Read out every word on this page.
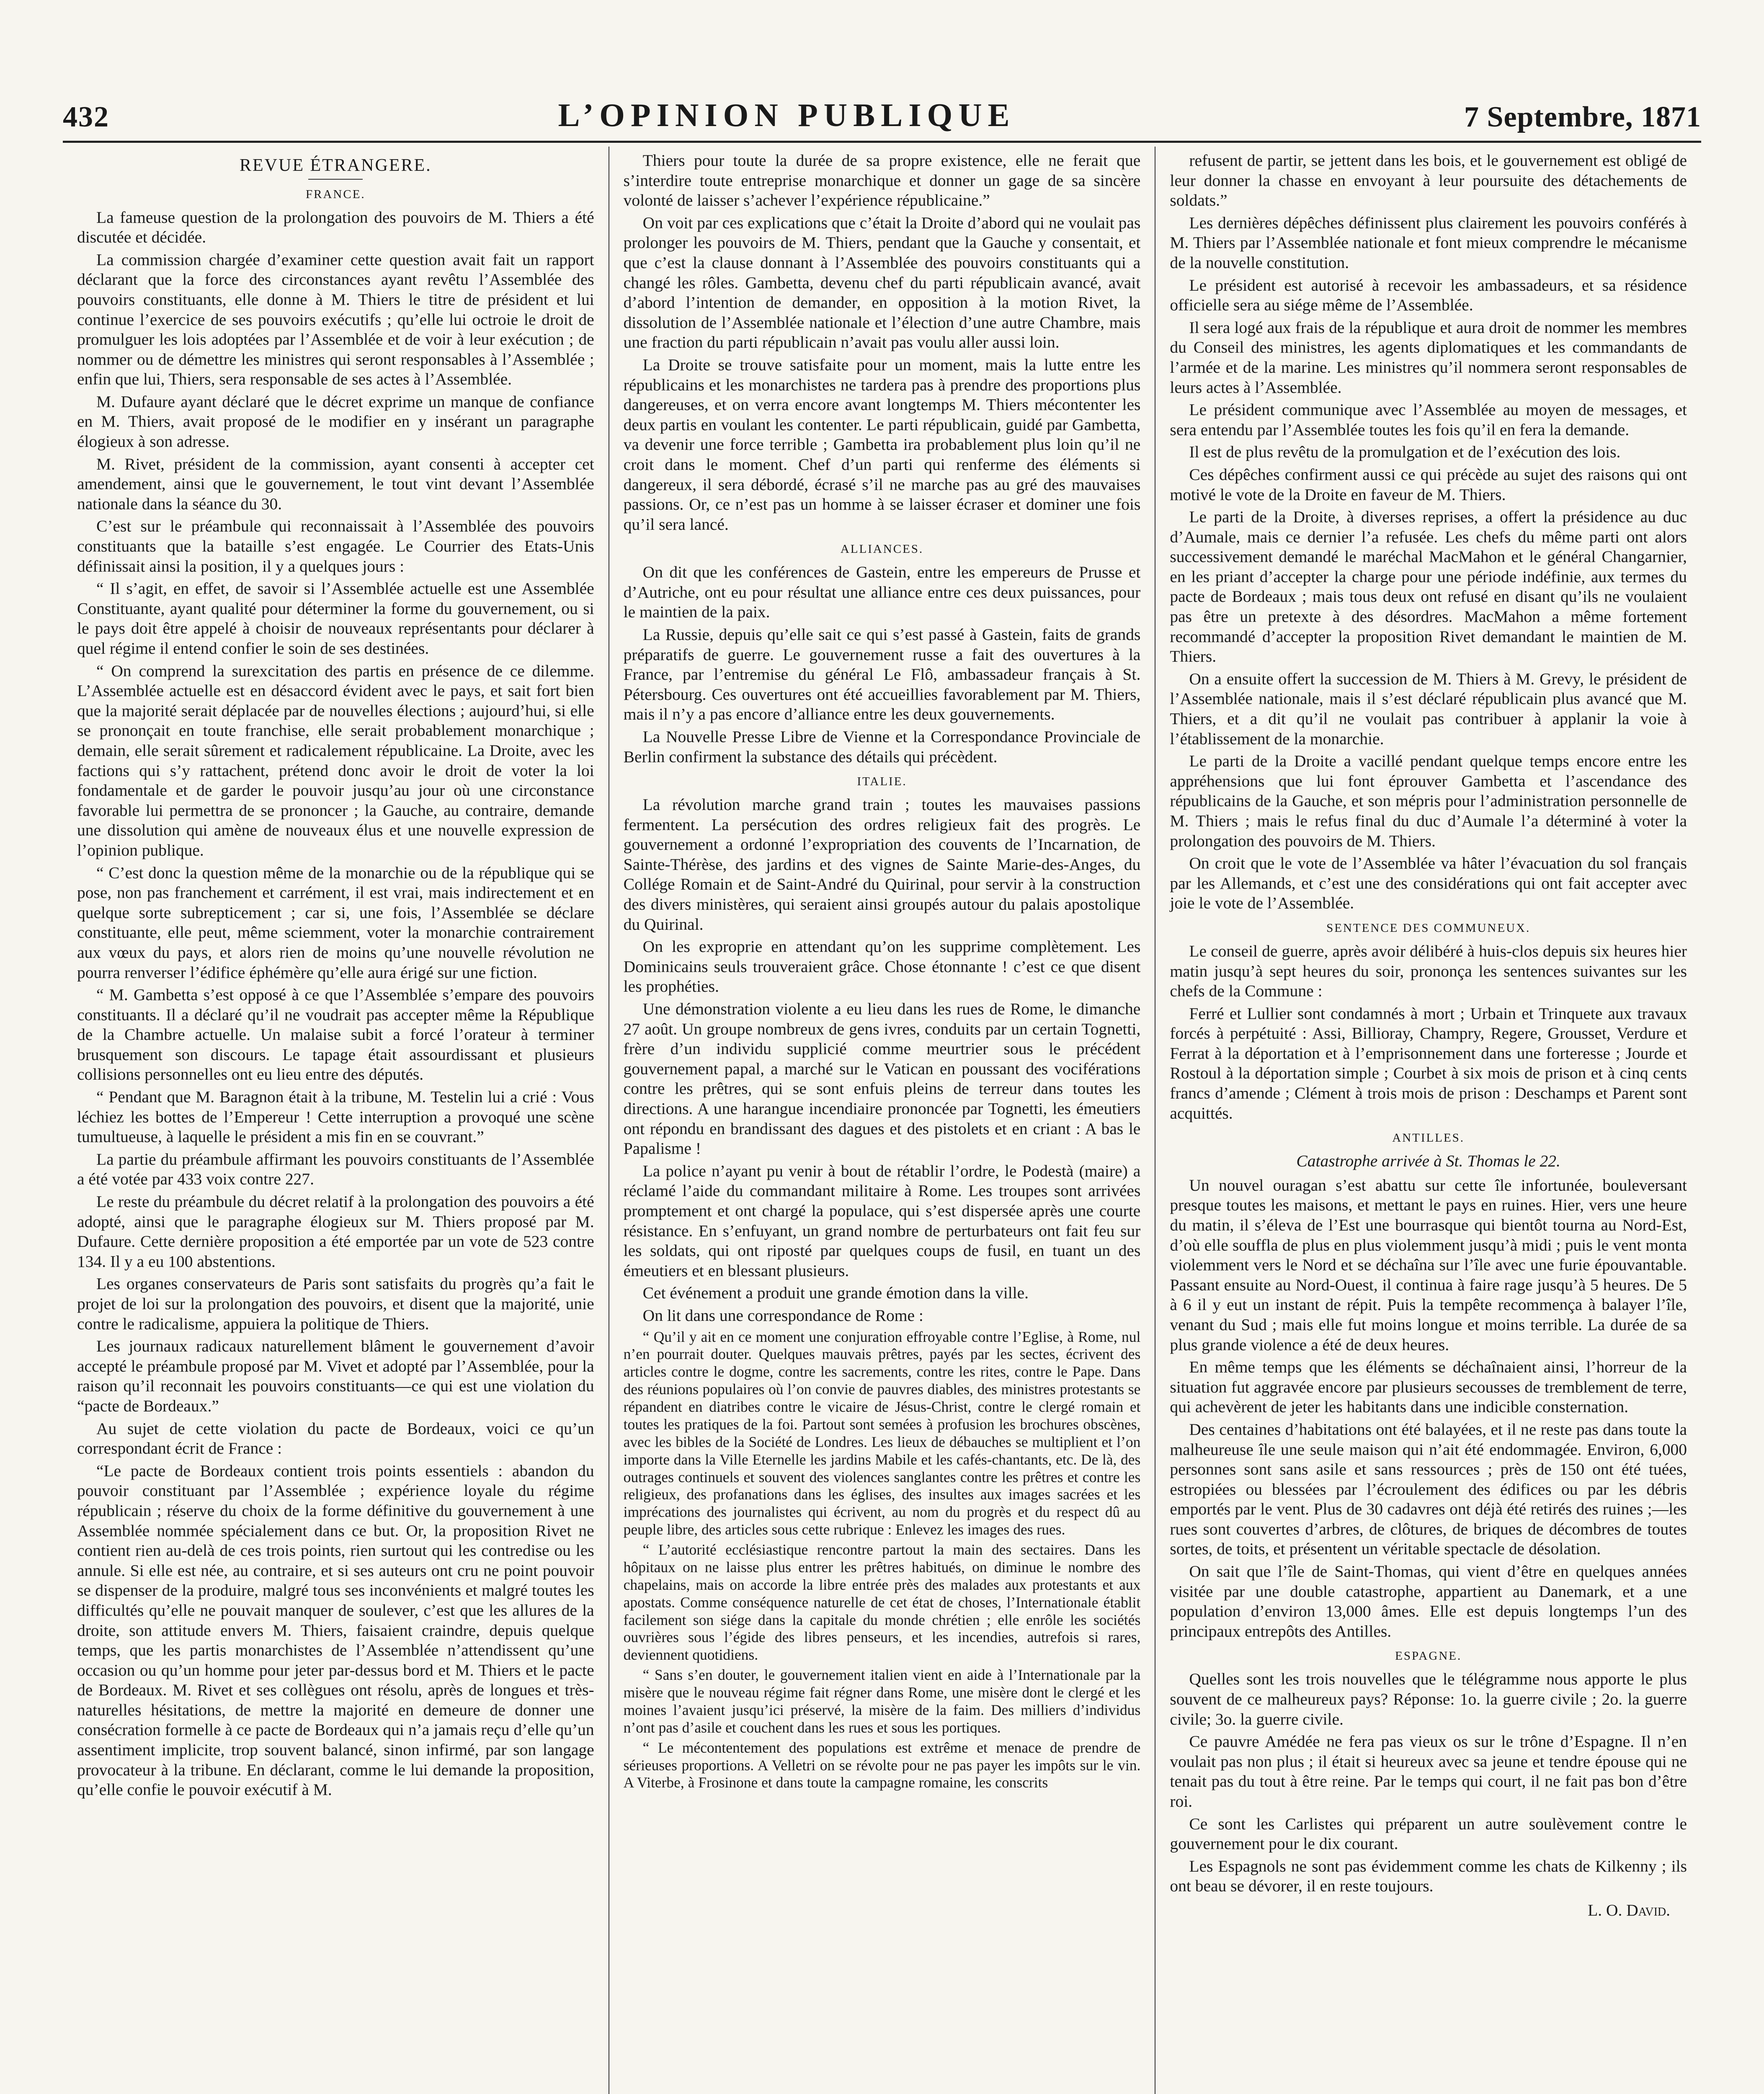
432	L’OPINION PUBLIQUE	7 Septembre, 1871
REVUE ÉTRANGERE.
FRANCE.

La fameuse question de la prolongation des pouvoirs de M. Thiers a été discutée et décidée.

La commission chargée d’examiner cette question avait fait un rapport déclarant que la force des circonstances ayant revêtu l’Assemblée des pouvoirs constituants, elle donne à M. Thiers le titre de président et lui continue l’exercice de ses pouvoirs exécutifs ; qu’elle lui octroie le droit de promulguer les lois adoptées par l’Assemblée et de voir à leur exécution ; de nommer ou de démettre les ministres qui seront responsables à l’Assemblée ; enfin que lui, Thiers, sera responsable de ses actes à l’Assemblée.

M. Dufaure ayant déclaré que le décret exprime un manque de confiance en M. Thiers, avait proposé de le modifier en y insérant un paragraphe élogieux à son adresse.

M. Rivet, président de la commission, ayant consenti à accepter cet amendement, ainsi que le gouvernement, le tout vint devant l’Assemblée nationale dans la séance du 30.

C’est sur le préambule qui reconnaissait à l’Assemblée des pouvoirs constituants que la bataille s’est engagée. Le Courrier des Etats-Unis définissait ainsi la position, il y a quelques jours :

“ Il s’agit, en effet, de savoir si l’Assemblée actuelle est une Assemblée Constituante, ayant qualité pour déterminer la forme du gouvernement, ou si le pays doit être appelé à choisir de nouveaux représentants pour déclarer à quel régime il entend confier le soin de ses destinées.

“ On comprend la surexcitation des partis en présence de ce dilemme. L’Assemblée actuelle est en désaccord évident avec le pays, et sait fort bien que la majorité serait déplacée par de nouvelles élections ; aujourd’hui, si elle se prononçait en toute franchise, elle serait probablement monarchique ; demain, elle serait sûrement et radicalement républicaine. La Droite, avec les factions qui s’y rattachent, prétend donc avoir le droit de voter la loi fondamentale et de garder le pouvoir jusqu’au jour où une circonstance favorable lui permettra de se prononcer ; la Gauche, au contraire, demande une dissolution qui amène de nouveaux élus et une nouvelle expression de l’opinion publique.

“ C’est donc la question même de la monarchie ou de la république qui se pose, non pas franchement et carrément, il est vrai, mais indirectement et en quelque sorte subrepticement ; car si, une fois, l’Assemblée se déclare constituante, elle peut, même sciemment, voter la monarchie contrairement aux vœux du pays, et alors rien de moins qu’une nouvelle révolution ne pourra renverser l’édifice éphémère qu’elle aura érigé sur une fiction.

“ M. Gambetta s’est opposé à ce que l’Assemblée s’empare des pouvoirs constituants. Il a déclaré qu’il ne voudrait pas accepter même la République de la Chambre actuelle. Un malaise subit a forcé l’orateur à terminer brusquement son discours. Le tapage était assourdissant et plusieurs collisions personnelles ont eu lieu entre des députés.

“ Pendant que M. Baragnon était à la tribune, M. Testelin lui a crié : Vous léchiez les bottes de l’Empereur ! Cette interruption a provoqué une scène tumultueuse, à laquelle le président a mis fin en se couvrant.”

La partie du préambule affirmant les pouvoirs constituants de l’Assemblée a été votée par 433 voix contre 227.

Le reste du préambule du décret relatif à la prolongation des pouvoirs a été adopté, ainsi que le paragraphe élogieux sur M. Thiers proposé par M. Dufaure. Cette dernière proposition a été emportée par un vote de 523 contre 134. Il y a eu 100 abstentions.

Les organes conservateurs de Paris sont satisfaits du progrès qu’a fait le projet de loi sur la prolongation des pouvoirs, et disent que la majorité, unie contre le radicalisme, appuiera la politique de Thiers.

Les journaux radicaux naturellement blâment le gouvernement d’avoir accepté le préambule proposé par M. Vivet et adopté par l’Assemblée, pour la raison qu’il reconnait les pouvoirs constituants—ce qui est une violation du “pacte de Bordeaux.”

Au sujet de cette violation du pacte de Bordeaux, voici ce qu’un correspondant écrit de France :

“Le pacte de Bordeaux contient trois points essentiels : abandon du pouvoir constituant par l’Assemblée ; expérience loyale du régime républicain ; réserve du choix de la forme définitive du gouvernement à une Assemblée nommée spécialement dans ce but. Or, la proposition Rivet ne contient rien au-delà de ces trois points, rien surtout qui les contredise ou les annule. Si elle est née, au contraire, et si ses auteurs ont cru ne point pouvoir se dispenser de la produire, malgré tous ses inconvénients et malgré toutes les difficultés qu’elle ne pouvait manquer de soulever, c’est que les allures de la droite, son attitude envers M. Thiers, faisaient craindre, depuis quelque temps, que les partis monarchistes de l’Assemblée n’attendissent qu’une occasion ou qu’un homme pour jeter par-dessus bord et M. Thiers et le pacte de Bordeaux. M. Rivet et ses collègues ont résolu, après de longues et très-naturelles hésitations, de mettre la majorité en demeure de donner une consécration formelle à ce pacte de Bordeaux qui n’a jamais reçu d’elle qu’un assentiment implicite, trop souvent balancé, sinon infirmé, par son langage provocateur à la tribune. En déclarant, comme le lui demande la proposition, qu’elle confie le pouvoir exécutif à M.

Thiers pour toute la durée de sa propre existence, elle ne ferait que s’interdire toute entreprise monarchique et donner un gage de sa sincère volonté de laisser s’achever l’expérience républicaine.”

On voit par ces explications que c’était la Droite d’abord qui ne voulait pas prolonger les pouvoirs de M. Thiers, pendant que la Gauche y consentait, et que c’est la clause donnant à l’Assemblée des pouvoirs constituants qui a changé les rôles. Gambetta, devenu chef du parti républicain avancé, avait d’abord l’intention de demander, en opposition à la motion Rivet, la dissolution de l’Assemblée nationale et l’élection d’une autre Chambre, mais une fraction du parti républicain n’avait pas voulu aller aussi loin.

La Droite se trouve satisfaite pour un moment, mais la lutte entre les républicains et les monarchistes ne tardera pas à prendre des proportions plus dangereuses, et on verra encore avant longtemps M. Thiers mécontenter les deux partis en voulant les contenter. Le parti républicain, guidé par Gambetta, va devenir une force terrible ; Gambetta ira probablement plus loin qu’il ne croit dans le moment. Chef d’un parti qui renferme des éléments si dangereux, il sera débordé, écrasé s’il ne marche pas au gré des mauvaises passions. Or, ce n’est pas un homme à se laisser écraser et dominer une fois qu’il sera lancé.

ALLIANCES.

On dit que les conférences de Gastein, entre les empereurs de Prusse et d’Autriche, ont eu pour résultat une alliance entre ces deux puissances, pour le maintien de la paix.

La Russie, depuis qu’elle sait ce qui s’est passé à Gastein, faits de grands préparatifs de guerre. Le gouvernement russe a fait des ouvertures à la France, par l’entremise du général Le Flô, ambassadeur français à St. Pétersbourg. Ces ouvertures ont été accueillies favorablement par M. Thiers, mais il n’y a pas encore d’alliance entre les deux gouvernements.

La Nouvelle Presse Libre de Vienne et la Correspondance Provinciale de Berlin confirment la substance des détails qui précèdent.

ITALIE.

La révolution marche grand train ; toutes les mauvaises passions fermentent. La persécution des ordres religieux fait des progrès. Le gouvernement a ordonné l’expropriation des couvents de l’Incarnation, de Sainte-Thérèse, des jardins et des vignes de Sainte Marie-des-Anges, du Collége Romain et de Saint-André du Quirinal, pour servir à la construction des divers ministères, qui seraient ainsi groupés autour du palais apostolique du Quirinal.

On les exproprie en attendant qu’on les supprime complètement. Les Dominicains seuls trouveraient grâce. Chose étonnante ! c’est ce que disent les prophéties.

Une démonstration violente a eu lieu dans les rues de Rome, le dimanche 27 août. Un groupe nombreux de gens ivres, conduits par un certain Tognetti, frère d’un individu supplicié comme meurtrier sous le précédent gouvernement papal, a marché sur le Vatican en poussant des vociférations contre les prêtres, qui se sont enfuis pleins de terreur dans toutes les directions. A une harangue incendiaire prononcée par Tognetti, les émeutiers ont répondu en brandissant des dagues et des pistolets et en criant : A bas le Papalisme !

La police n’ayant pu venir à bout de rétablir l’ordre, le Podestà (maire) a réclamé l’aide du commandant militaire à Rome. Les troupes sont arrivées promptement et ont chargé la populace, qui s’est dispersée après une courte résistance. En s’enfuyant, un grand nombre de perturbateurs ont fait feu sur les soldats, qui ont riposté par quelques coups de fusil, en tuant un des émeutiers et en blessant plusieurs.

Cet événement a produit une grande émotion dans la ville.

On lit dans une correspondance de Rome :

“ Qu’il y ait en ce moment une conjuration effroyable contre l’Eglise, à Rome, nul n’en pourrait douter. Quelques mauvais prêtres, payés par les sectes, écrivent des articles contre le dogme, contre les sacrements, contre les rites, contre le Pape. Dans des réunions populaires où l’on convie de pauvres diables, des ministres protestants se répandent en diatribes contre le vicaire de Jésus-Christ, contre le clergé romain et toutes les pratiques de la foi. Partout sont semées à profusion les brochures obscènes, avec les bibles de la Société de Londres. Les lieux de débauches se multiplient et l’on importe dans la Ville Eternelle les jardins Mabile et les cafés-chantants, etc. De là, des outrages continuels et souvent des violences sanglantes contre les prêtres et contre les religieux, des profanations dans les églises, des insultes aux images sacrées et les imprécations des journalistes qui écrivent, au nom du progrès et du respect dû au peuple libre, des articles sous cette rubrique : Enlevez les images des rues.

“ L’autorité ecclésiastique rencontre partout la main des sectaires. Dans les hôpitaux on ne laisse plus entrer les prêtres habitués, on diminue le nombre des chapelains, mais on accorde la libre entrée près des malades aux protestants et aux apostats. Comme conséquence naturelle de cet état de choses, l’Internationale établit facilement son siége dans la capitale du monde chrétien ; elle enrôle les sociétés ouvrières sous l’égide des libres penseurs, et les incendies, autrefois si rares, deviennent quotidiens.

“ Sans s’en douter, le gouvernement italien vient en aide à l’Internationale par la misère que le nouveau régime fait régner dans Rome, une misère dont le clergé et les moines l’avaient jusqu’ici préservé, la misère de la faim. Des milliers d’individus n’ont pas d’asile et couchent dans les rues et sous les portiques.

“ Le mécontentement des populations est extrême et menace de prendre de sérieuses proportions. A Velletri on se révolte pour ne pas payer les impôts sur le vin. A Viterbe, à Frosinone et dans toute la campagne romaine, les conscrits

refusent de partir, se jettent dans les bois, et le gouvernement est obligé de leur donner la chasse en envoyant à leur poursuite des détachements de soldats.”

Les dernières dépêches définissent plus clairement les pouvoirs conférés à M. Thiers par l’Assemblée nationale et font mieux comprendre le mécanisme de la nouvelle constitution.

Le président est autorisé à recevoir les ambassadeurs, et sa résidence officielle sera au siége même de l’Assemblée.

Il sera logé aux frais de la république et aura droit de nommer les membres du Conseil des ministres, les agents diplomatiques et les commandants de l’armée et de la marine. Les ministres qu’il nommera seront responsables de leurs actes à l’Assemblée.

Le président communique avec l’Assemblée au moyen de messages, et sera entendu par l’Assemblée toutes les fois qu’il en fera la demande.

Il est de plus revêtu de la promulgation et de l’exécution des lois.

Ces dépêches confirment aussi ce qui précède au sujet des raisons qui ont motivé le vote de la Droite en faveur de M. Thiers.

Le parti de la Droite, à diverses reprises, a offert la présidence au duc d’Aumale, mais ce dernier l’a refusée. Les chefs du même parti ont alors successivement demandé le maréchal MacMahon et le général Changarnier, en les priant d’accepter la charge pour une période indéfinie, aux termes du pacte de Bordeaux ; mais tous deux ont refusé en disant qu’ils ne voulaient pas être un pretexte à des désordres. MacMahon a même fortement recommandé d’accepter la proposition Rivet demandant le maintien de M. Thiers.

On a ensuite offert la succession de M. Thiers à M. Grevy, le président de l’Assemblée nationale, mais il s’est déclaré républicain plus avancé que M. Thiers, et a dit qu’il ne voulait pas contribuer à applanir la voie à l’établissement de la monarchie.

Le parti de la Droite a vacillé pendant quelque temps encore entre les appréhensions que lui font éprouver Gambetta et l’ascendance des républicains de la Gauche, et son mépris pour l’administration personnelle de M. Thiers ; mais le refus final du duc d’Aumale l’a déterminé à voter la prolongation des pouvoirs de M. Thiers.

On croit que le vote de l’Assemblée va hâter l’évacuation du sol français par les Allemands, et c’est une des considérations qui ont fait accepter avec joie le vote de l’Assemblée.

SENTENCE DES COMMUNEUX.

Le conseil de guerre, après avoir délibéré à huis-clos depuis six heures hier matin jusqu’à sept heures du soir, prononça les sentences suivantes sur les chefs de la Commune :

Ferré et Lullier sont condamnés à mort ; Urbain et Trinquete aux travaux forcés à perpétuité : Assi, Billioray, Champry, Regere, Grousset, Verdure et Ferrat à la déportation et à l’emprisonnement dans une forteresse ; Jourde et Rostoul à la déportation simple ; Courbet à six mois de prison et à cinq cents francs d’amende ; Clément à trois mois de prison : Deschamps et Parent sont acquittés.

ANTILLES.
Catastrophe arrivée à St. Thomas le 22.

Un nouvel ouragan s’est abattu sur cette île infortunée, bouleversant presque toutes les maisons, et mettant le pays en ruines. Hier, vers une heure du matin, il s’éleva de l’Est une bourrasque qui bientôt tourna au Nord-Est, d’où elle souffla de plus en plus violemment jusqu’à midi ; puis le vent monta violemment vers le Nord et se déchaîna sur l’île avec une furie épouvantable. Passant ensuite au Nord-Ouest, il continua à faire rage jusqu’à 5 heures. De 5 à 6 il y eut un instant de répit. Puis la tempête recommença à balayer l’île, venant du Sud ; mais elle fut moins longue et moins terrible. La durée de sa plus grande violence a été de deux heures.

En même temps que les éléments se déchaînaient ainsi, l’horreur de la situation fut aggravée encore par plusieurs secousses de tremblement de terre, qui achevèrent de jeter les habitants dans une indicible consternation.

Des centaines d’habitations ont été balayées, et il ne reste pas dans toute la malheureuse île une seule maison qui n’ait été endommagée. Environ, 6,000 personnes sont sans asile et sans ressources ; près de 150 ont été tuées, estropiées ou blessées par l’écroulement des édifices ou par les débris emportés par le vent. Plus de 30 cadavres ont déjà été retirés des ruines ;—les rues sont couvertes d’arbres, de clôtures, de briques de décombres de toutes sortes, de toits, et présentent un véritable spectacle de désolation.

On sait que l’île de Saint-Thomas, qui vient d’être en quelques années visitée par une double catastrophe, appartient au Danemark, et a une population d’environ 13,000 âmes. Elle est depuis longtemps l’un des principaux entrepôts des Antilles.

ESPAGNE.

Quelles sont les trois nouvelles que le télégramme nous apporte le plus souvent de ce malheureux pays? Réponse: 1o. la guerre civile ; 2o. la guerre civile; 3o. la guerre civile.

Ce pauvre Amédée ne fera pas vieux os sur le trône d’Espagne. Il n’en voulait pas non plus ; il était si heureux avec sa jeune et tendre épouse qui ne tenait pas du tout à être reine. Par le temps qui court, il ne fait pas bon d’être roi.

Ce sont les Carlistes qui préparent un autre soulèvement contre le gouvernement pour le dix courant.

Les Espagnols ne sont pas évidemment comme les chats de Kilkenny ; ils ont beau se dévorer, il en reste toujours.

L. O. David.
